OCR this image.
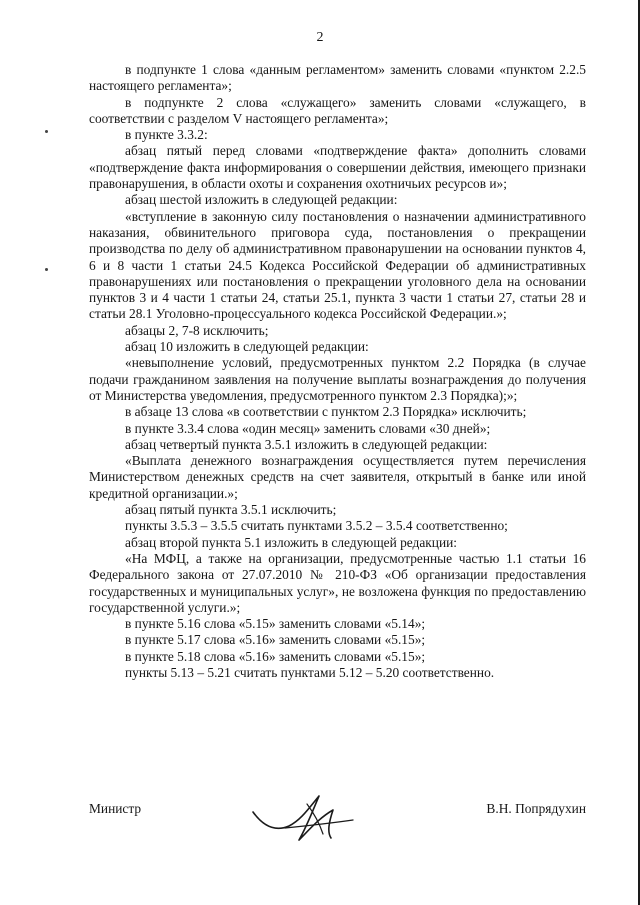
2

в подпункте 1 слова «данным регламентом» заменить словами «пунктом 2.2.5 настоящего регламента»;

в подпункте 2 слова «служащего» заменить словами «служащего, в соответствии с разделом V настоящего регламента»;

в пункте 3.3.2:

абзац пятый перед словами «подтверждение факта» дополнить словами «подтверждение факта информирования о совершении действия, имеющего признаки правонарушения, в области охоты и сохранения охотничьих ресурсов и»;

абзац шестой изложить в следующей редакции:

«вступление в законную силу постановления о назначении административного наказания, обвинительного приговора суда, постановления о прекращении производства по делу об административном правонарушении на основании пунктов 4, 6 и 8 части 1 статьи 24.5 Кодекса Российской Федерации об административных правонарушениях или постановления о прекращении уголовного дела на основании пунктов 3 и 4 части 1 статьи 24, статьи 25.1, пункта 3 части 1 статьи 27, статьи 28 и статьи 28.1 Уголовно-процессуального кодекса Российской Федерации.»;

абзацы 2, 7-8 исключить;

абзац 10 изложить в следующей редакции:

«невыполнение условий, предусмотренных пунктом 2.2 Порядка (в случае подачи гражданином заявления на получение выплаты вознаграждения до получения от Министерства уведомления, предусмотренного пунктом 2.3 Порядка);»;

в абзаце 13 слова «в соответствии с пунктом 2.3 Порядка» исключить;

в пункте 3.3.4 слова «один месяц» заменить словами «30 дней»;

абзац четвертый пункта 3.5.1 изложить в следующей редакции:

«Выплата денежного вознаграждения осуществляется путем перечисления Министерством денежных средств на счет заявителя, открытый в банке или иной кредитной организации.»;

абзац пятый пункта 3.5.1 исключить;

пункты 3.5.3 – 3.5.5 считать пунктами 3.5.2 – 3.5.4 соответственно;

абзац второй пункта 5.1 изложить в следующей редакции:

«На МФЦ, а также на организации, предусмотренные частью 1.1 статьи 16 Федерального закона от 27.07.2010 № 210-ФЗ «Об организации предоставления государственных и муниципальных услуг», не возложена функция по предоставлению государственной услуги.»;

в пункте 5.16 слова «5.15» заменить словами «5.14»;

в пункте 5.17 слова «5.16» заменить словами «5.15»;

в пункте 5.18 слова «5.16» заменить словами «5.15»;

пункты 5.13 – 5.21 считать пунктами 5.12 – 5.20 соответственно.

Министр	В.Н. Попрядухин
